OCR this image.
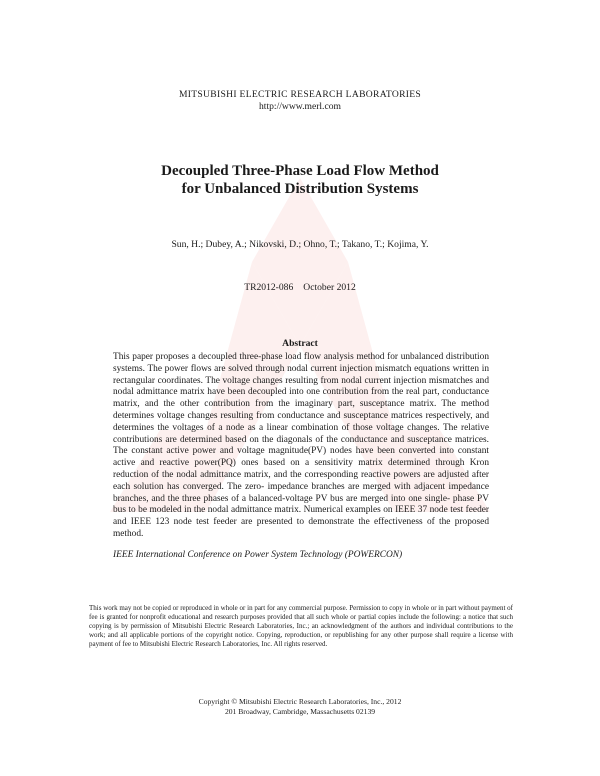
MITSUBISHI ELECTRIC RESEARCH LABORATORIES
http://www.merl.com
Decoupled Three-Phase Load Flow Method
for Unbalanced Distribution Systems
Sun, H.; Dubey, A.; Nikovski, D.; Ohno, T.; Takano, T.; Kojima, Y.
TR2012-086 October 2012
Abstract

This paper proposes a decoupled three-phase load flow analysis method for unbalanced distribution systems. The power flows are solved through nodal current injection mismatch equations written in rectangular coordinates. The voltage changes resulting from nodal current injection mismatches and nodal admittance matrix have been decoupled into one contribution from the real part, conductance matrix, and the other contribution from the imaginary part, susceptance matrix. The method determines voltage changes resulting from conductance and susceptance matrices respectively, and determines the voltages of a node as a linear combination of those voltage changes. The relative contributions are determined based on the diagonals of the conductance and susceptance matrices. The constant active power and voltage magnitude(PV) nodes have been converted into constant active and reactive power(PQ) ones based on a sensitivity matrix determined through Kron reduction of the nodal admittance matrix, and the corresponding reactive powers are adjusted after each solution has converged. The zero- impedance branches are merged with adjacent impedance branches, and the three phases of a balanced-voltage PV bus are merged into one single- phase PV bus to be modeled in the nodal admittance matrix. Numerical examples on IEEE 37 node test feeder and IEEE 123 node test feeder are presented to demonstrate the effectiveness of the proposed method.

IEEE International Conference on Power System Technology (POWERCON)

This work may not be copied or reproduced in whole or in part for any commercial purpose. Permission to copy in whole or in part without payment of fee is granted for nonprofit educational and research purposes provided that all such whole or partial copies include the following: a notice that such copying is by permission of Mitsubishi Electric Research Laboratories, Inc.; an acknowledgment of the authors and individual contributions to the work; and all applicable portions of the copyright notice. Copying, reproduction, or republishing for any other purpose shall require a license with payment of fee to Mitsubishi Electric Research Laboratories, Inc. All rights reserved.

Copyright © Mitsubishi Electric Research Laboratories, Inc., 2012
201 Broadway, Cambridge, Massachusetts 02139
